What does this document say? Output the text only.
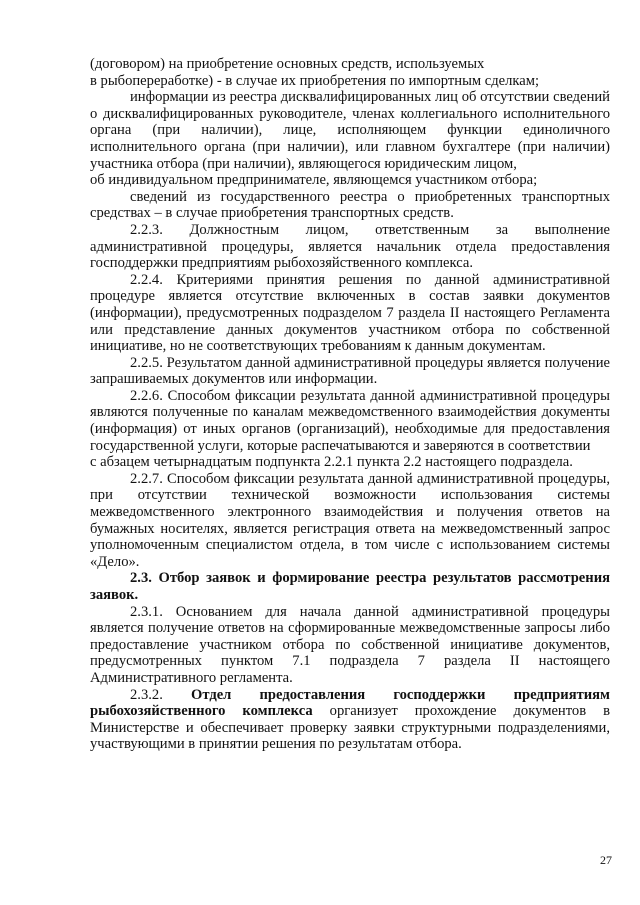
(договором) на приобретение основных средств, используемых

в рыбопереработке) - в случае их приобретения по импортным сделкам;

информации из реестра дисквалифицированных лиц об отсутствии сведений о дисквалифицированных руководителе, членах коллегиального исполнительного органа (при наличии), лице, исполняющем функции единоличного исполнительного органа (при наличии), или главном бухгалтере (при наличии) участника отбора (при наличии), являющегося юридическим лицом,

об индивидуальном предпринимателе, являющемся участником отбора;

сведений из государственного реестра о приобретенных транспортных средствах – в случае приобретения транспортных средств.

2.2.3. Должностным лицом, ответственным за выполнение административной процедуры, является начальник отдела предоставления господдержки предприятиям рыбохозяйственного комплекса.

2.2.4. Критериями принятия решения по данной административной процедуре является отсутствие включенных в состав заявки документов (информации), предусмотренных подразделом 7 раздела II настоящего Регламента или представление данных документов участником отбора по собственной инициативе, но не соответствующих требованиям к данным документам.

2.2.5. Результатом данной административной процедуры является получение запрашиваемых документов или информации.

2.2.6. Способом фиксации результата данной административной процедуры являются полученные по каналам межведомственного взаимодействия документы (информация) от иных органов (организаций), необходимые для предоставления государственной услуги, которые распечатываются и заверяются в соответствии

с абзацем четырнадцатым подпункта 2.2.1 пункта 2.2 настоящего подраздела.

2.2.7. Способом фиксации результата данной административной процедуры, при отсутствии технической возможности использования системы межведомственного электронного взаимодействия и получения ответов на бумажных носителях, является регистрация ответа на межведомственный запрос уполномоченным специалистом отдела, в том числе с использованием системы «Дело».

2.3. Отбор заявок и формирование реестра результатов рассмотрения заявок.

2.3.1. Основанием для начала данной административной процедуры является получение ответов на сформированные межведомственные запросы либо предоставление участником отбора по собственной инициативе документов, предусмотренных пунктом 7.1 подраздела 7 раздела II настоящего Административного регламента.

2.3.2. Отдел предоставления господдержки предприятиям рыбохозяйственного комплекса организует прохождение документов в Министерстве и обеспечивает проверку заявки структурными подразделениями, участвующими в принятии решения по результатам отбора.

27
